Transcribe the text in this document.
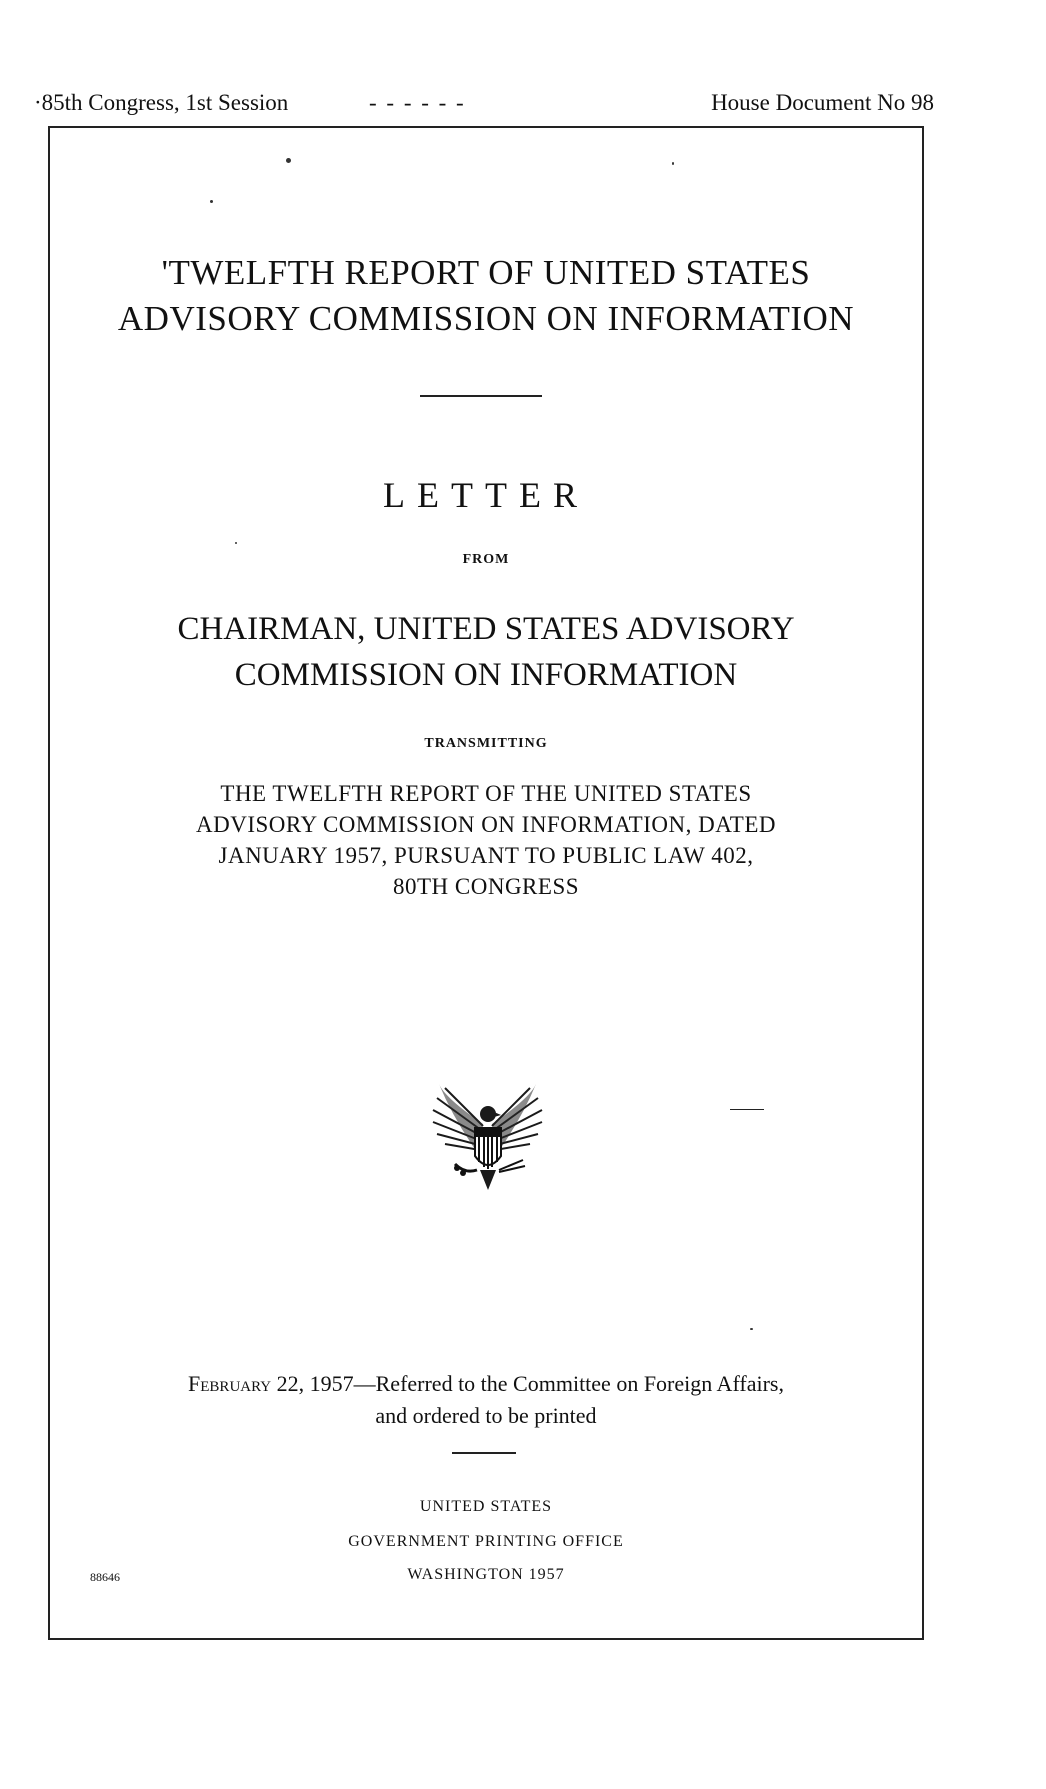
·85th Congress, 1st Session	- - - - - -	House Document No 98
'TWELFTH REPORT OF UNITED STATES
ADVISORY COMMISSION ON INFORMATION
LETTER
FROM
CHAIRMAN, UNITED STATES ADVISORY
COMMISSION ON INFORMATION
TRANSMITTING
THE TWELFTH REPORT OF THE UNITED STATES
ADVISORY COMMISSION ON INFORMATION, DATED
JANUARY 1957, PURSUANT TO PUBLIC LAW 402,
80TH CONGRESS
February 22, 1957—Referred to the Committee on Foreign Affairs,
and ordered to be printed
UNITED STATES
GOVERNMENT PRINTING OFFICE
WASHINGTON 1957
88646
